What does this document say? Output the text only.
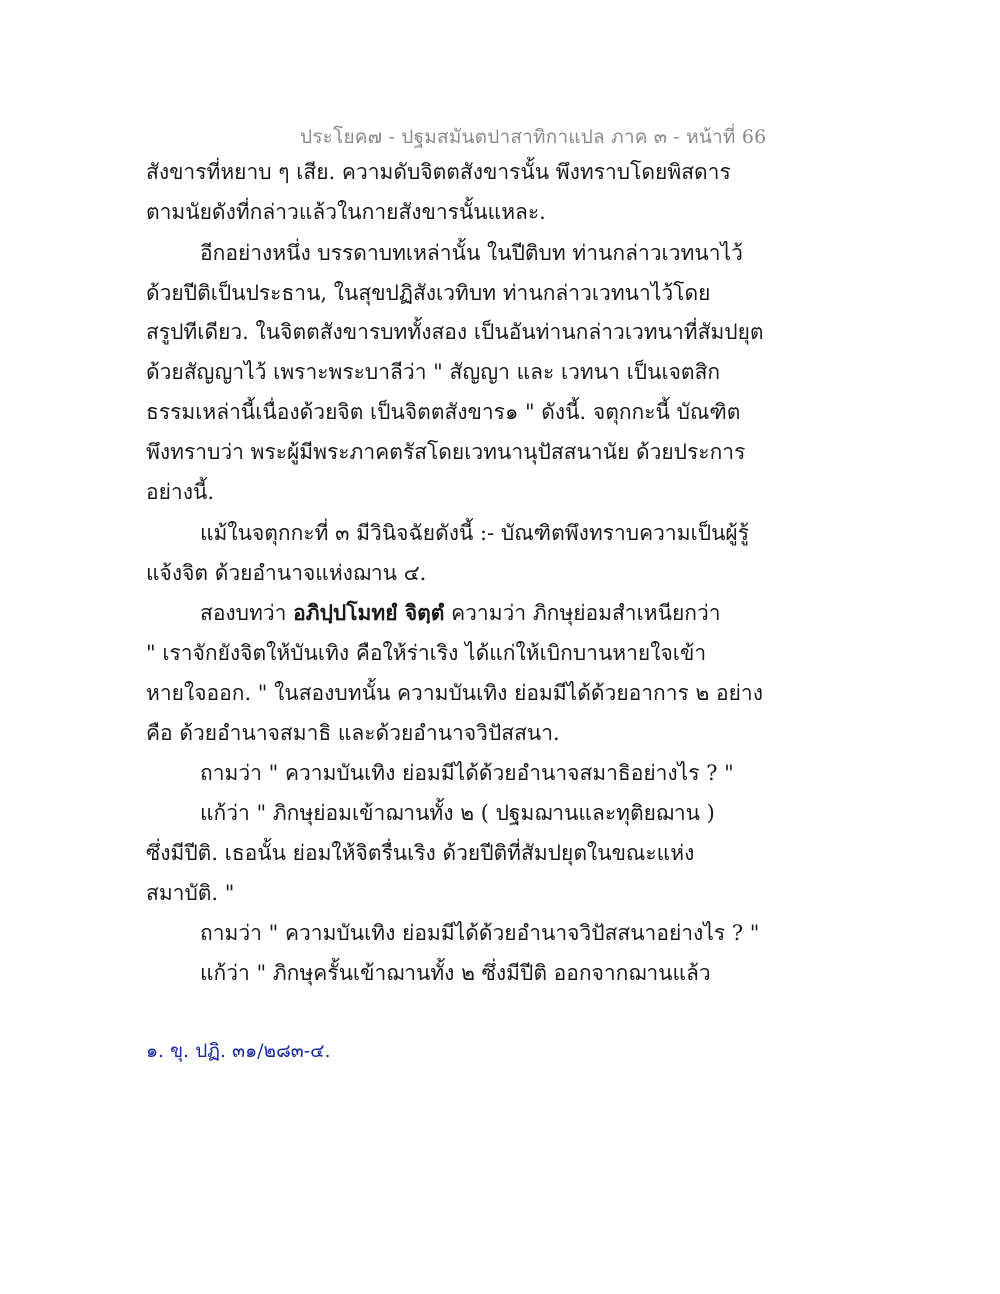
ประโยค๗ - ปฐมสมันตปาสาทิกาแปล ภาค ๓ - หน้าที่ 66
สังขารที่หยาบ ๆ เสีย. ความดับจิตตสังขารนั้น พึงทราบโดยพิสดาร
ตามนัยดังที่กล่าวแล้วในกายสังขารนั้นแหละ.
อีกอย่างหนึ่ง บรรดาบทเหล่านั้น ในปีติบท ท่านกล่าวเวทนาไว้
ด้วยปีติเป็นประธาน, ในสุขปฏิสังเวทิบท ท่านกล่าวเวทนาไว้โดย
สรูปทีเดียว. ในจิตตสังขารบททั้งสอง เป็นอันท่านกล่าวเวทนาที่สัมปยุต
ด้วยสัญญาไว้ เพราะพระบาลีว่า " สัญญา และ เวทนา เป็นเจตสิก
ธรรมเหล่านี้เนื่องด้วยจิต เป็นจิตตสังขาร๑ " ดังนี้. จตุกกะนี้ บัณฑิต
พึงทราบว่า พระผู้มีพระภาคตรัสโดยเวทนานุปัสสนานัย ด้วยประการ
อย่างนี้.
แม้ในจตุกกะที่ ๓ มีวินิจฉัยดังนี้ :- บัณฑิตพึงทราบความเป็นผู้รู้
แจ้งจิต ด้วยอำนาจแห่งฌาน ๔.
สองบทว่า อภิปฺปโมทยํ จิตฺตํ ความว่า ภิกษุย่อมสำเหนียกว่า
" เราจักยังจิตให้บันเทิง คือให้ร่าเริง ได้แก่ให้เบิกบานหายใจเข้า
หายใจออก. " ในสองบทนั้น ความบันเทิง ย่อมมีได้ด้วยอาการ ๒ อย่าง
คือ ด้วยอำนาจสมาธิ และด้วยอำนาจวิปัสสนา.
ถามว่า " ความบันเทิง ย่อมมีได้ด้วยอำนาจสมาธิอย่างไร ? "
แก้ว่า " ภิกษุย่อมเข้าฌานทั้ง ๒ ( ปฐมฌานและทุติยฌาน )
ซึ่งมีปีติ. เธอนั้น ย่อมให้จิตรื่นเริง ด้วยปีติที่สัมปยุตในขณะแห่ง
สมาบัติ. "
ถามว่า " ความบันเทิง ย่อมมีได้ด้วยอำนาจวิปัสสนาอย่างไร ? "
แก้ว่า " ภิกษุครั้นเข้าฌานทั้ง ๒ ซึ่งมีปีติ ออกจากฌานแล้ว
๑. ขุ. ปฏิ. ๓๑/๒๘๓-๔.
